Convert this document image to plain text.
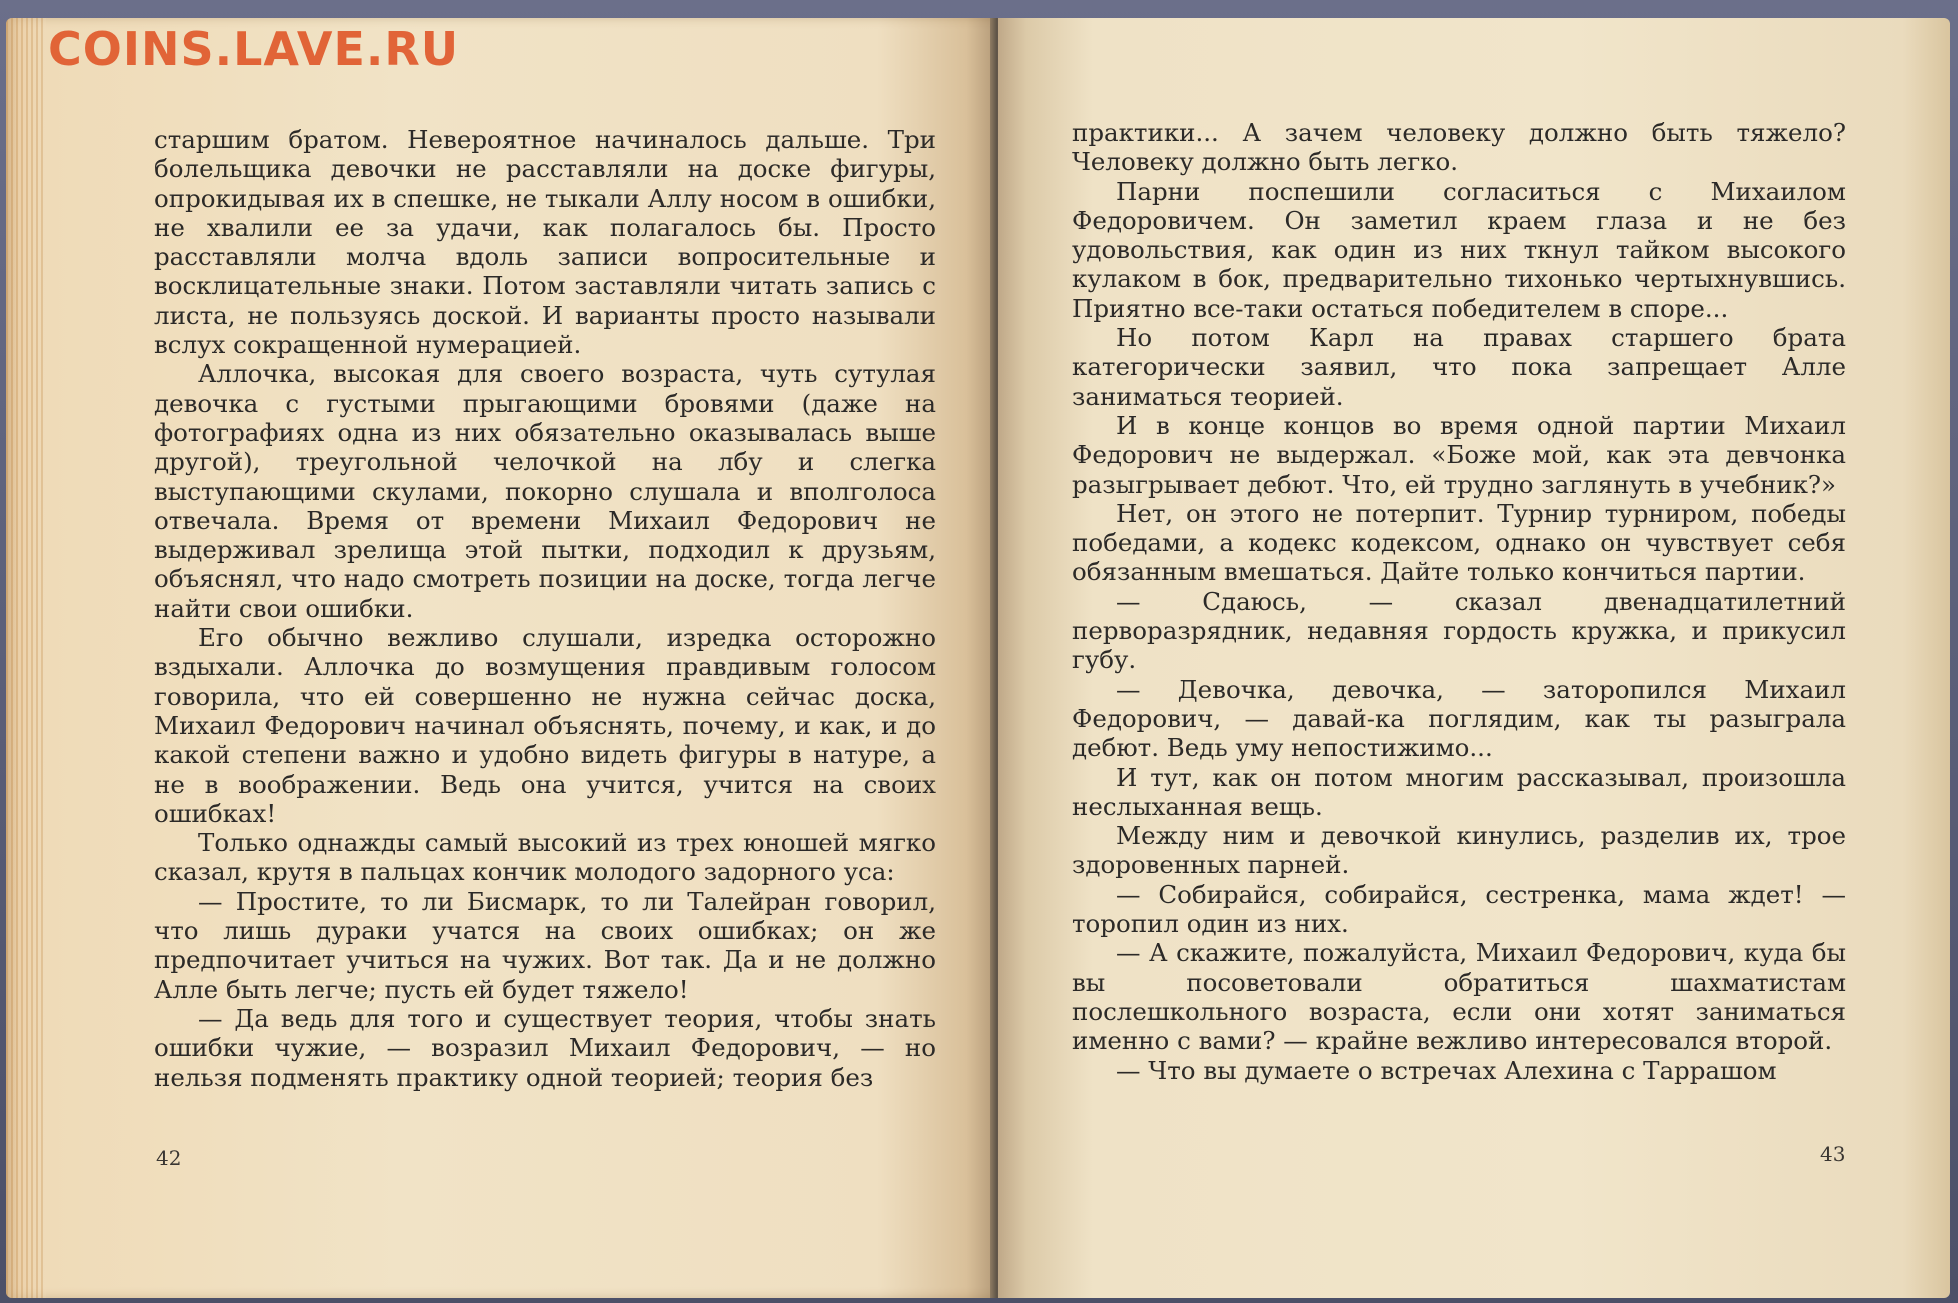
старшим братом. Невероятное начиналось дальше. Три болельщика девочки не расставляли на доске фигуры, опрокидывая их в спешке, не тыкали Аллу носом в ошибки, не хвалили ее за удачи, как полагалось бы. Просто расставляли молча вдоль записи вопросительные и восклицательные знаки. Потом заставляли читать запись с листа, не пользуясь доской. И варианты просто называли вслух сокращенной нумерацией.

Аллочка, высокая для своего возраста, чуть сутулая девочка с густыми прыгающими бровями (даже на фотографиях одна из них обязательно оказывалась выше другой), треугольной челочкой на лбу и слегка выступающими скулами, покорно слушала и вполголоса отвечала. Время от времени Михаил Федорович не выдерживал зрелища этой пытки, подходил к друзьям, объяснял, что надо смотреть позиции на доске, тогда легче найти свои ошибки.

Его обычно вежливо слушали, изредка осторожно вздыхали. Аллочка до возмущения правдивым голосом говорила, что ей совершенно не нужна сейчас доска, Михаил Федорович начинал объяснять, почему, и как, и до какой степени важно и удобно видеть фигуры в натуре, а не в воображении. Ведь она учится, учится на своих ошибках!

Только однажды самый высокий из трех юношей мягко сказал, крутя в пальцах кончик молодого задорного уса:

— Простите, то ли Бисмарк, то ли Талейран говорил, что лишь дураки учатся на своих ошибках; он же предпочитает учиться на чужих. Вот так. Да и не должно Алле быть легче; пусть ей будет тяжело!

— Да ведь для того и существует теория, чтобы знать ошибки чужие, — возразил Михаил Федорович, — но нельзя подменять практику одной теорией; теория без

42

практики... А зачем человеку должно быть тяжело? Человеку должно быть легко.

Парни поспешили согласиться с Михаилом Федоровичем. Он заметил краем глаза и не без удовольствия, как один из них ткнул тайком высокого кулаком в бок, предварительно тихонько чертыхнувшись. Приятно все-таки остаться победителем в споре...

Но потом Карл на правах старшего брата категорически заявил, что пока запрещает Алле заниматься теорией.

И в конце концов во время одной партии Михаил Федорович не выдержал. «Боже мой, как эта девчонка разыгрывает дебют. Что, ей трудно заглянуть в учебник?»

Нет, он этого не потерпит. Турнир турниром, победы победами, а кодекс кодексом, однако он чувствует себя обязанным вмешаться. Дайте только кончиться партии.

— Сдаюсь, — сказал двенадцатилетний перворазрядник, недавняя гордость кружка, и прикусил губу.

— Девочка, девочка, — заторопился Михаил Федорович, — давай-ка поглядим, как ты разыграла дебют. Ведь уму непостижимо...

И тут, как он потом многим рассказывал, произошла неслыханная вещь.

Между ним и девочкой кинулись, разделив их, трое здоровенных парней.

— Собирайся, собирайся, сестренка, мама ждет! — торопил один из них.

— А скажите, пожалуйста, Михаил Федорович, куда бы вы посоветовали обратиться шахматистам послешкольного возраста, если они хотят заниматься именно с вами? — крайне вежливо интересовался второй.

— Что вы думаете о встречах Алехина с Таррашом

43
COINS.LAVE.RU
